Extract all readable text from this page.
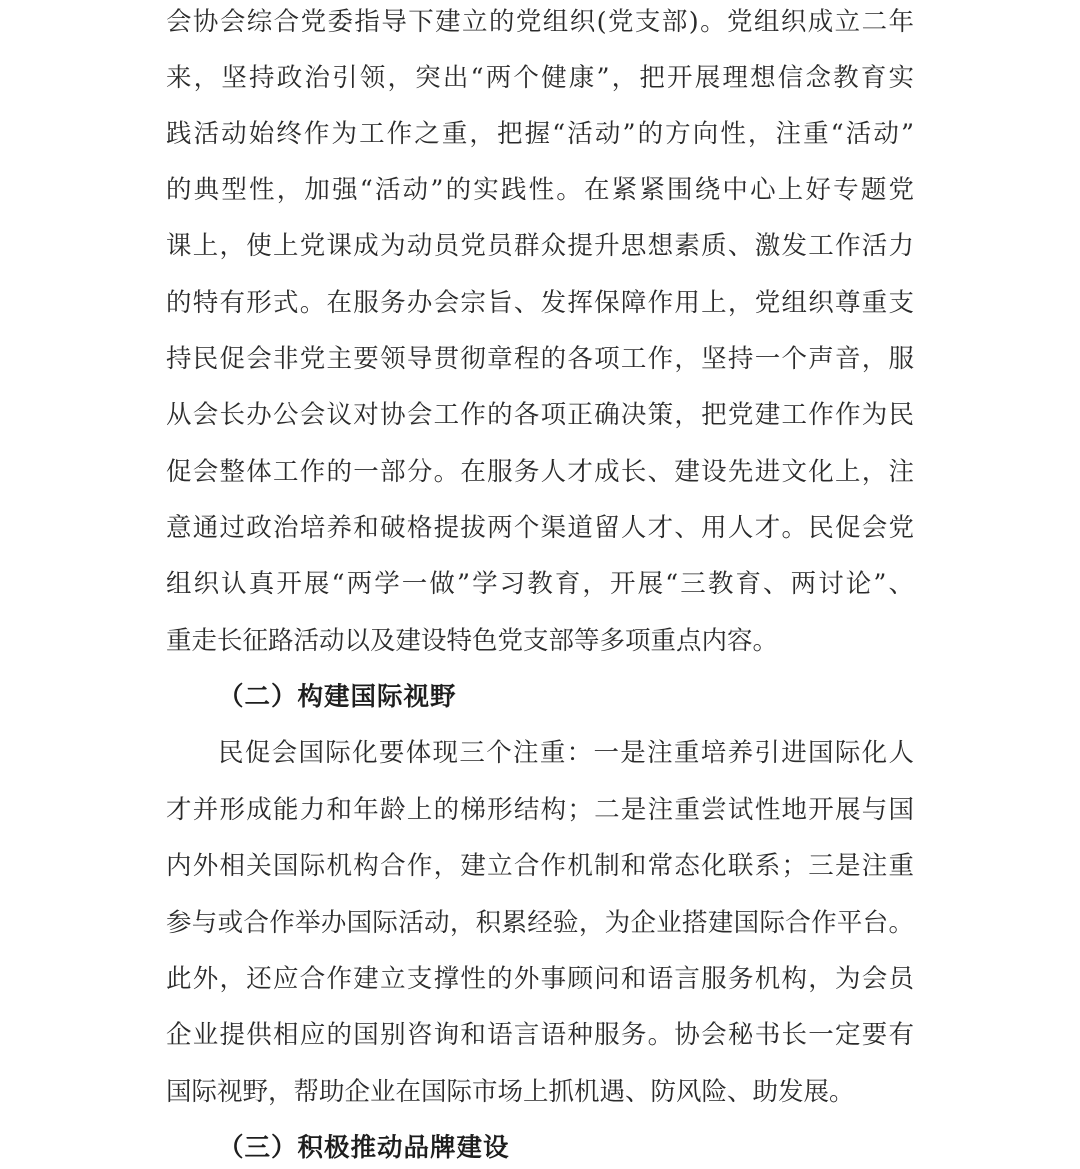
会协会综合党委指导下建立的党组织(党支部)。党组织成立二年
来，坚持政治引领，突出“两个健康”，把开展理想信念教育实
践活动始终作为工作之重，把握“活动”的方向性，注重“活动”
的典型性，加强“活动”的实践性。在紧紧围绕中心上好专题党
课上，使上党课成为动员党员群众提升思想素质、激发工作活力
的特有形式。在服务办会宗旨、发挥保障作用上，党组织尊重支
持民促会非党主要领导贯彻章程的各项工作，坚持一个声音，服
从会长办公会议对协会工作的各项正确决策，把党建工作作为民
促会整体工作的一部分。在服务人才成长、建设先进文化上，注
意通过政治培养和破格提拔两个渠道留人才、用人才。民促会党
组织认真开展“两学一做”学习教育，开展“三教育、两讨论”、
重走长征路活动以及建设特色党支部等多项重点内容。
（二）构建国际视野
民促会国际化要体现三个注重：一是注重培养引进国际化人
才并形成能力和年龄上的梯形结构；二是注重尝试性地开展与国
内外相关国际机构合作，建立合作机制和常态化联系；三是注重
参与或合作举办国际活动，积累经验，为企业搭建国际合作平台。
此外，还应合作建立支撑性的外事顾问和语言服务机构，为会员
企业提供相应的国别咨询和语言语种服务。协会秘书长一定要有
国际视野，帮助企业在国际市场上抓机遇、防风险、助发展。
（三）积极推动品牌建设
